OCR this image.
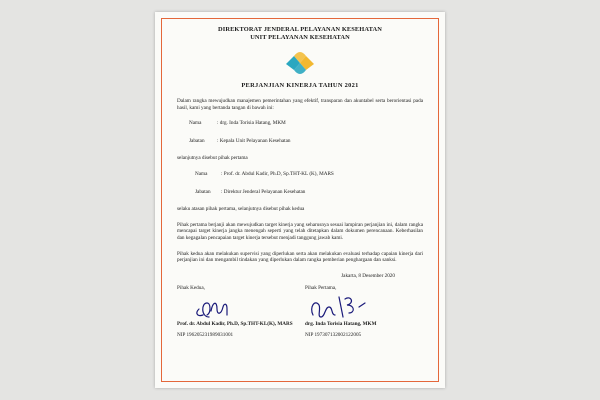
DIREKTORAT JENDERAL PELAYANAN KESEHATAN
UNIT PELAYANAN KESEHATAN
PERJANJIAN KINERJA TAHUN 2021

Dalam rangka mewujudkan manajemen pemerintahan yang efektif, transparan dan akuntabel serta berorientasi pada hasil, kami yang bertanda tangan di bawah ini:

Nama	: drg. Inda Torisia Hatang, MKM
Jabatan	: Kepala Unit Pelayanan Kesehatan

selanjutnya disebut pihak pertama

Nama	: Prof. dr. Abdul Kadir, Ph.D, Sp.THT-KL (K), MARS
Jabatan	: Direktur Jenderal Pelayanan Kesehatan

selaku atasan pihak pertama, selanjutnya disebut pihak kedua

Pihak pertama berjanji akan mewujudkan target kinerja yang seharusnya sesuai lampiran perjanjian ini, dalam rangka mencapai target kinerja jangka menengah seperti yang telah ditetapkan dalam dokumen perencanaan. Keberhasilan dan kegagalan pencapaian target kinerja tersebut menjadi tanggung jawab kami.

Pihak kedua akan melakukan supervisi yang diperlukan serta akan melakukan evaluasi terhadap capaian kinerja dari perjanjian ini dan mengambil tindakan yang diperlukan dalam rangka pemberian penghargaan dan sanksi.

Jakarta, 8 Desember 2020
Pihak Kedua,
Prof. dr. Abdul Kadir, Ph.D, Sp.THT-KL(K), MARS
NIP 196205231989031001
Pihak Pertama,
drg. Inda Torisia Hatang, MKM
NIP 197307132002122005
